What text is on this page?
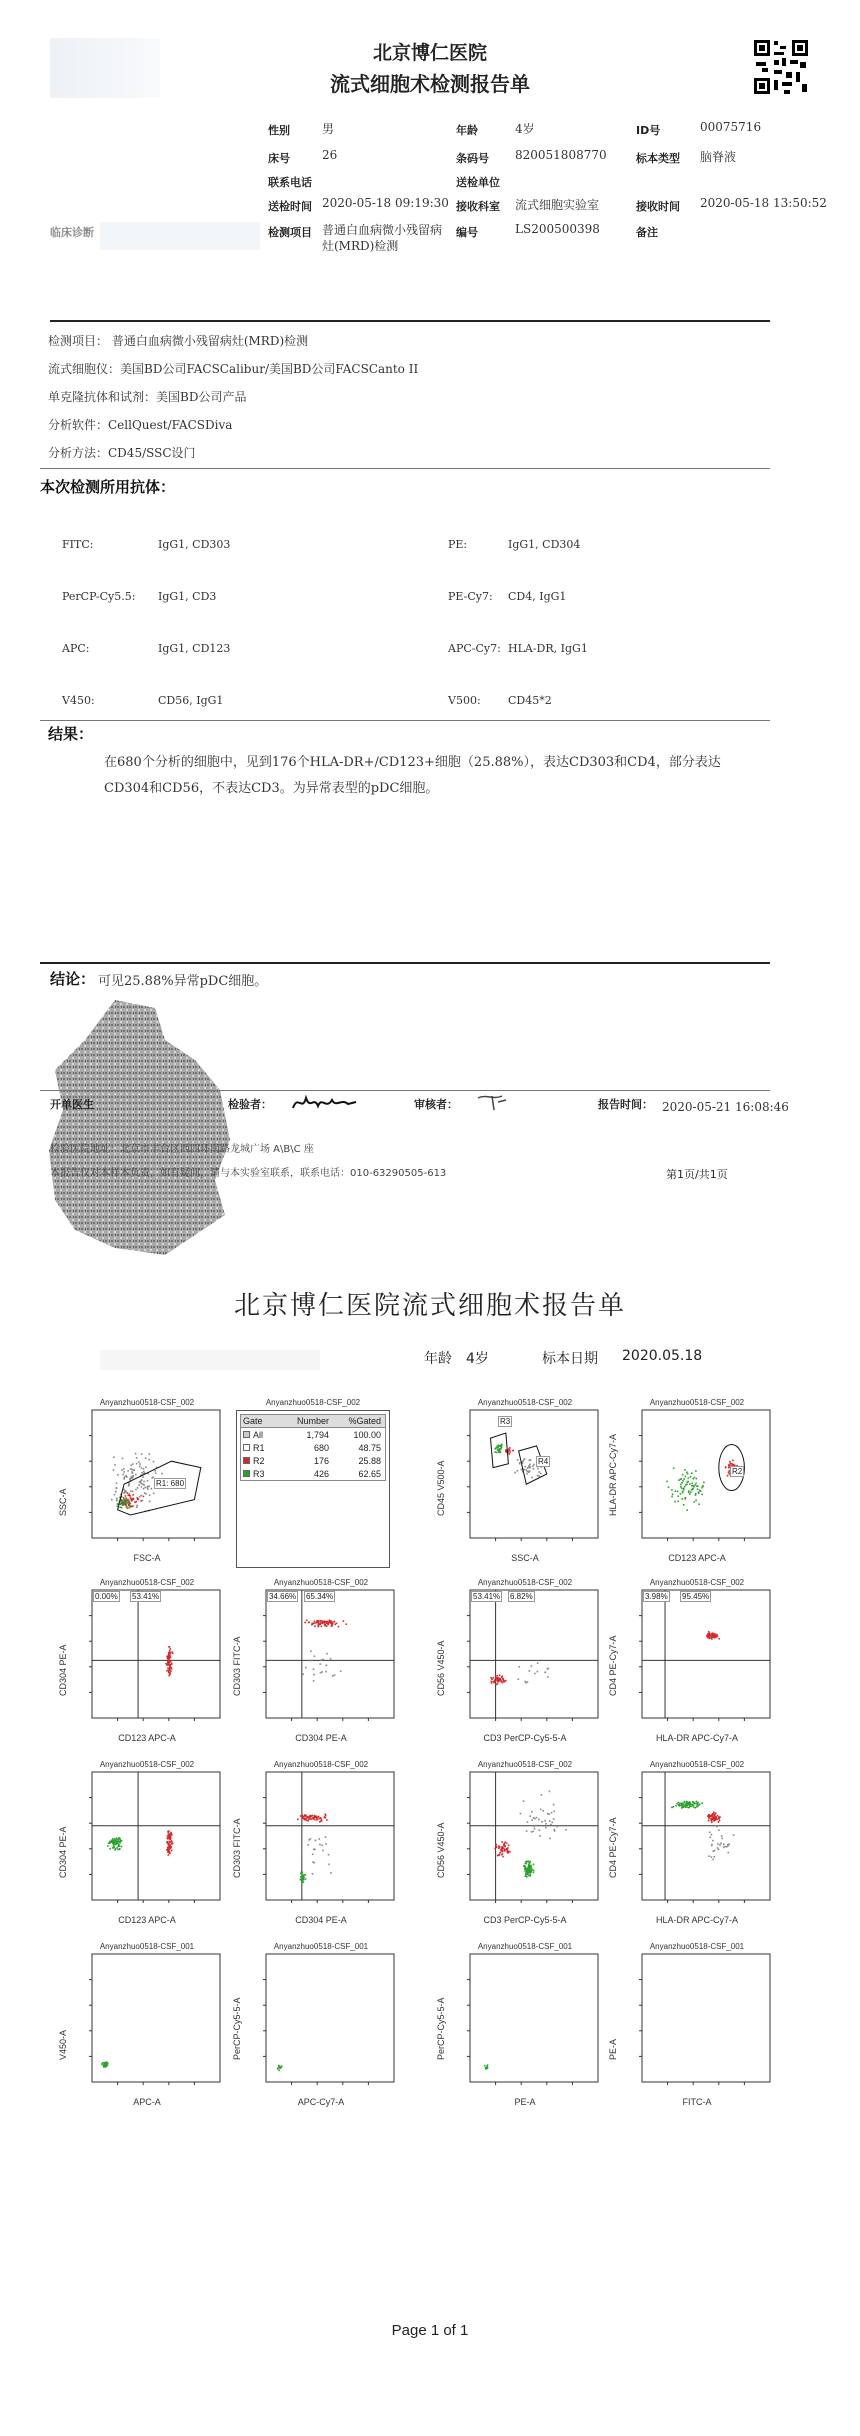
北京博仁医院
流式细胞术检测报告单
性别	男	年龄	4岁	ID号	00075716
床号	26	条码号 820051808770	标本类型 脑脊液
联系电话	送检单位
送检时间 2020-05-18 09:19:30 接收科室 流式细胞实验室	接收时间 2020-05-18 13:50:52
临床诊断	检测项目 普通白血病微小残留病灶(MRD)检测
编号	LS200500398	备注
检测项目： 普通白血病微小残留病灶(MRD)检测
流式细胞仪：美国BD公司FACSCalibur/美国BD公司FACSCanto II
单克隆抗体和试剂：美国BD公司产品
分析软件：CellQuest/FACSDiva
分析方法：CD45/SSC设门
本次检测所用抗体：
FITC:	IgG1, CD303	PE:	IgG1, CD304
PerCP-Cy5.5: IgG1, CD3	PE-Cy7: CD4, IgG1
APC:	IgG1, CD123	APC-Cy7: HLA-DR, IgG1
V450:	CD56, IgG1	V500: CD45*2
结果：
在680个分析的细胞中，见到176个HLA-DR+/CD123+细胞（25.88%），表达CD303和CD4，部分表达CD304和CD56，不表达CD3。为异常表型的pDC细胞。
结论： 可见25.88%异常pDC细胞。
开单医生	检验者：	审核者：	报告时间： 2020-05-21 16:08:46
检验医院地址：北京市丰台区西四环南路龙城广场 A\B\C 座
本报告仅对本样本负责，如有疑问，请与本实验室联系，联系电话：010-63290505-613	第1页/共1页
北京博仁医院流式细胞术报告单
年龄 4岁	标本日期 2020.05.18
Anyanzhuo0518-CSF_002
Gate	Number	%Gated
All	1,794	100.00
R1	680	48.75
R2	176	25.88
R3	426	62.65
Anyanzhuo0518-CSF_002
FSC-A
SSC-A
R1: 680
Anyanzhuo0518-CSF_002
SSC-A
CD45 V500-A
R3
R4
Anyanzhuo0518-CSF_002
CD123 APC-A
HLA-DR APC-Cy7-A	R2
Anyanzhuo0518-CSF_002
CD123 APC-A
CD304 PE-A
0.00% 53.41%
Anyanzhuo0518-CSF_002
CD304 PE-A
CD303 FITC-A
34.66% 65.34%
Anyanzhuo0518-CSF_002
CD3 PerCP-Cy5-5-A
CD56 V450-A
53.41% 6.82%
Anyanzhuo0518-CSF_002
HLA-DR APC-Cy7-A
CD4 PE-Cy7-A
3.98% 95.45%
Anyanzhuo0518-CSF_002
CD123 APC-A
CD304 PE-A
Anyanzhuo0518-CSF_002
CD304 PE-A
CD303 FITC-A
Anyanzhuo0518-CSF_002
CD3 PerCP-Cy5-5-A
CD56 V450-A
Anyanzhuo0518-CSF_002
HLA-DR APC-Cy7-A
CD4 PE-Cy7-A
Anyanzhuo0518-CSF_001
APC-A
V450-A
Anyanzhuo0518-CSF_001
APC-Cy7-A
PerCP-Cy5-5-A
Anyanzhuo0518-CSF_001
PE-A
PerCP-Cy5-5-A
Anyanzhuo0518-CSF_001
FITC-A
PE-A
Page 1 of 1
